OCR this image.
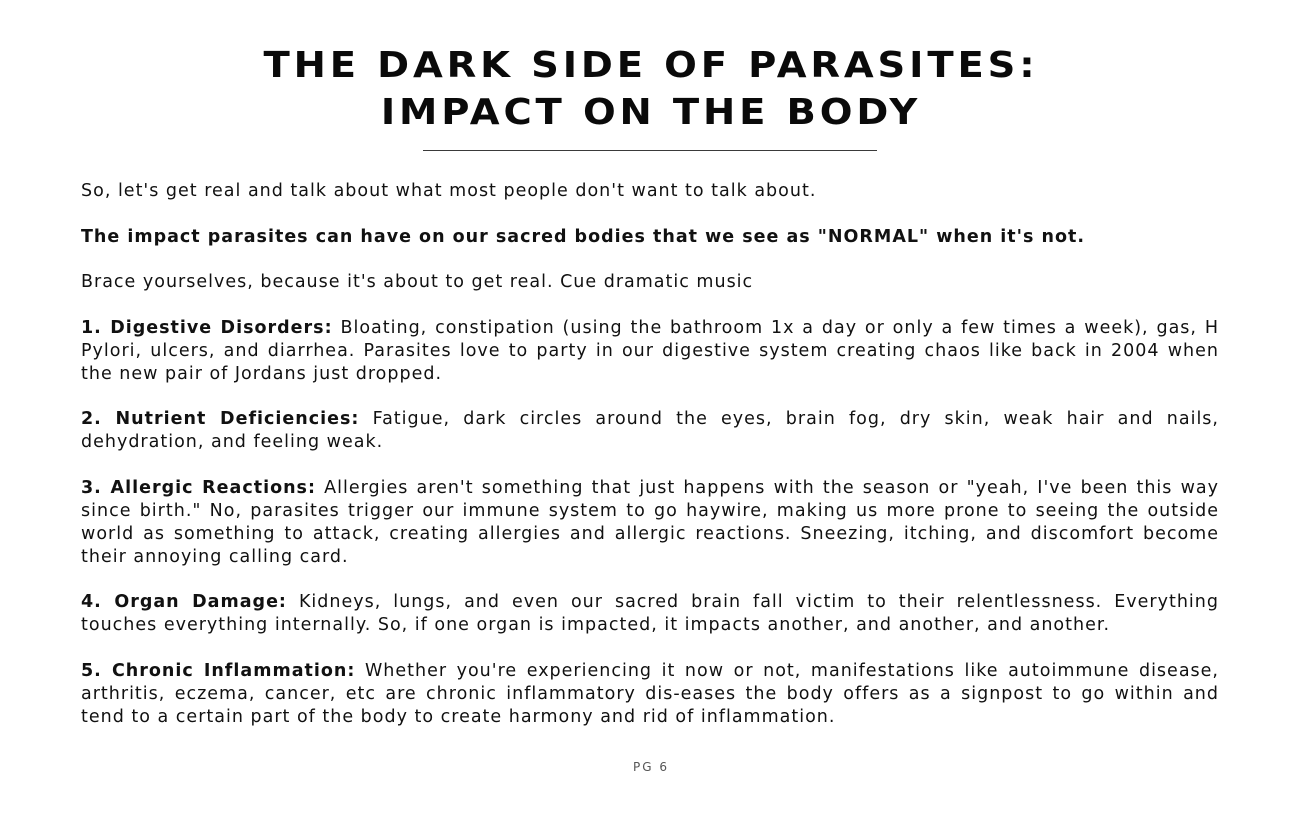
THE DARK SIDE OF PARASITES:
IMPACT ON THE BODY

So, let's get real and talk about what most people don't want to talk about.

The impact parasites can have on our sacred bodies that we see as "NORMAL" when it's not.

Brace yourselves, because it's about to get real. Cue dramatic music

1. Digestive Disorders: Bloating, constipation (using the bathroom 1x a day or only a few times a week), gas, H Pylori, ulcers, and diarrhea. Parasites love to party in our digestive system creating chaos like back in 2004 when the new pair of Jordans just dropped.

2. Nutrient Deficiencies: Fatigue, dark circles around the eyes, brain fog, dry skin, weak hair and nails, dehydration, and feeling weak.

3. Allergic Reactions: Allergies aren't something that just happens with the season or "yeah, I've been this way since birth." No, parasites trigger our immune system to go haywire, making us more prone to seeing the outside world as something to attack, creating allergies and allergic reactions. Sneezing, itching, and discomfort become their annoying calling card.

4. Organ Damage: Kidneys, lungs, and even our sacred brain fall victim to their relentlessness. Everything touches everything internally. So, if one organ is impacted, it impacts another, and another, and another.

5. Chronic Inflammation: Whether you're experiencing it now or not, manifestations like autoimmune disease, arthritis, eczema, cancer, etc are chronic inflammatory dis-eases the body offers as a signpost to go within and tend to a certain part of the body to create harmony and rid of inflammation.

PG 6
